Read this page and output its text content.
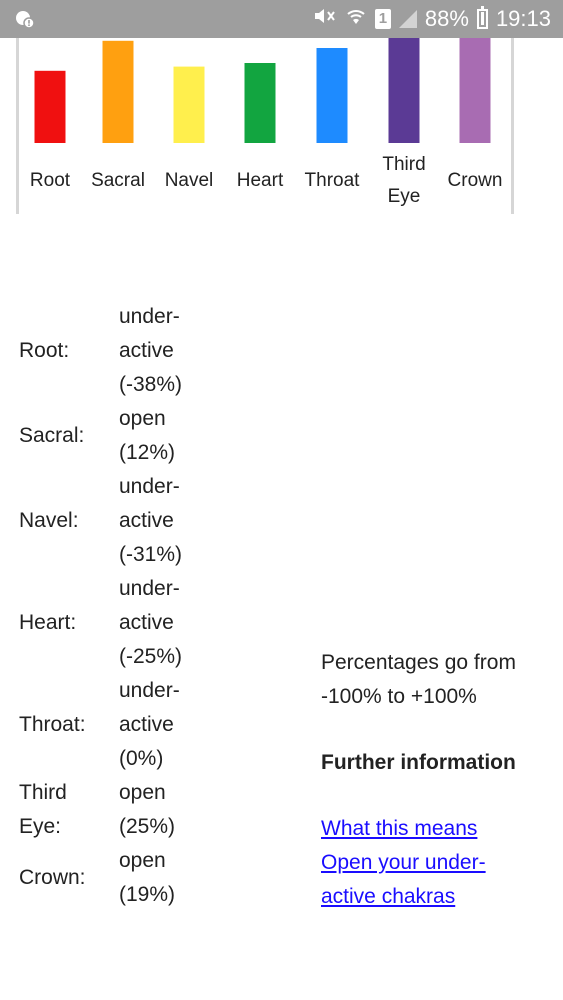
1 88% 19:13
Root Sacral Navel Heart Throat
Third
Eye
Crown
Root:
under-
active
(-38%)
Sacral:
open
(12%)
Navel:
under-
active
(-31%)
Heart:
under-
active
(-25%)
Throat:
under-
active
(0%)
Third
Eye:
open
(25%)
Crown:
open
(19%)
Percentages go from
-100% to +100%
Further information
What this means
Open your under-
active chakras
